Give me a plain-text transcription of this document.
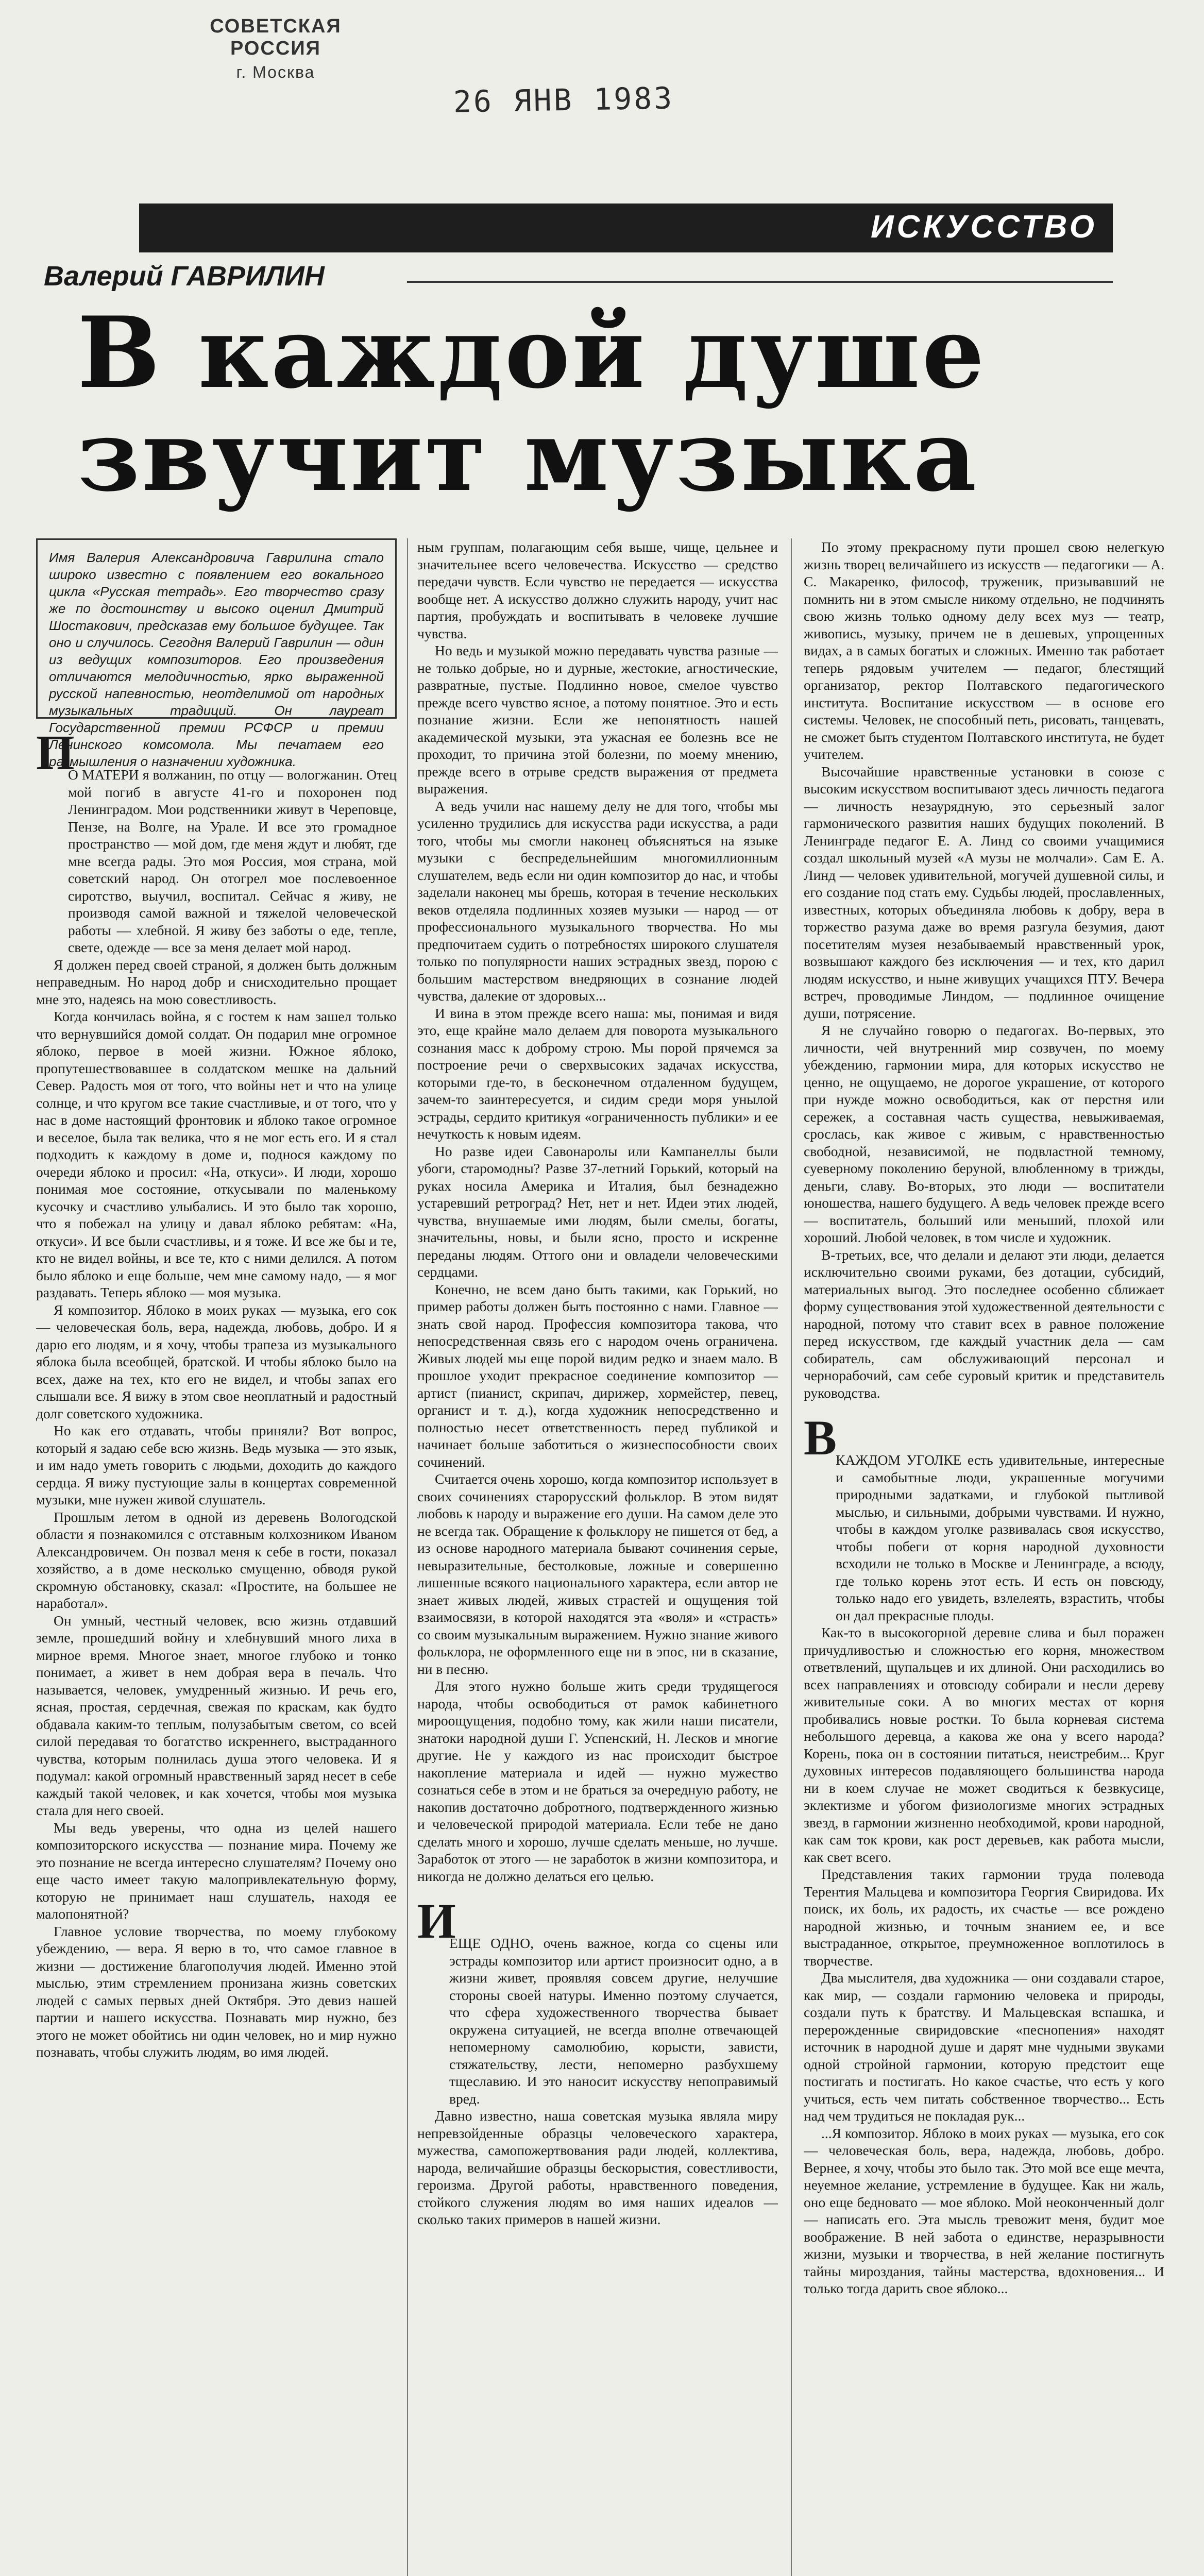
СОВЕТСКАЯ РОССИЯ
г. Москва
26 ЯНВ 1983
ИСКУССТВО
Валерий ГАВРИЛИН
В каждой душе звучит музыка
Имя Валерия Александровича Гаврилина стало широко известно с появлением его вокального цикла «Русская тетрадь». Его творчество сразу же по достоинству и высоко оценил Дмитрий Шостакович, предсказав ему большое будущее. Так оно и случилось. Сегодня Валерий Гаврилин — один из ведущих композиторов. Его произведения отличаются мелодичностью, ярко выраженной русской напевностью, неотделимой от народных музыкальных традиций. Он лауреат Государственной премии РСФСР и премии Ленинского комсомола. Мы печатаем его размышления о назначении художника.

П

О МАТЕРИ я волжанин, по отцу — вологжанин. Отец мой погиб в августе 41-го и похоронен под Ленинградом. Мои родственники живут в Череповце, Пензе, на Волге, на Урале. И все это громадное пространство — мой дом, где меня ждут и любят, где мне всегда рады. Это моя Россия, моя страна, мой советский народ. Он отогрел мое послевоенное сиротство, выучил, воспитал. Сейчас я живу, не производя самой важной и тяжелой человеческой работы — хлебной. Я живу без заботы о еде, тепле, свете, одежде — все за меня делает мой народ.

Я должен перед своей страной, я должен быть должным неправедным. Но народ добр и снисходительно прощает мне это, надеясь на мою совестливость.

Когда кончилась война, я с гостем к нам зашел только что вернувшийся домой солдат. Он подарил мне огромное яблоко, первое в моей жизни. Южное яблоко, пропутешествовавшее в солдатском мешке на дальний Север. Радость моя от того, что войны нет и что на улице солнце, и что кругом все такие счастливые, и от того, что у нас в доме настоящий фронтовик и яблоко такое огромное и веселое, была так велика, что я не мог есть его. И я стал подходить к каждому в доме и, поднося каждому по очереди яблоко и просил: «На, откуси». И люди, хорошо понимая мое состояние, откусывали по маленькому кусочку и счастливо улыбались. И это было так хорошо, что я побежал на улицу и давал яблоко ребятам: «На, откуси». И все были счастливы, и я тоже. И все же бы и те, кто не видел войны, и все те, кто с ними делился. А потом было яблоко и еще больше, чем мне самому надо, — я мог раздавать. Теперь яблоко — моя музыка.

Я композитор. Яблоко в моих руках — музыка, его сок — человеческая боль, вера, надежда, любовь, добро. И я дарю его людям, и я хочу, чтобы трапеза из музыкального яблока была всеобщей, братской. И чтобы яблоко было на всех, даже на тех, кто его не видел, и чтобы запах его слышали все. Я вижу в этом свое неоплатный и радостный долг советского художника.

Но как его отдавать, чтобы приняли? Вот вопрос, который я задаю себе всю жизнь. Ведь музыка — это язык, и им надо уметь говорить с людьми, доходить до каждого сердца. Я вижу пустующие залы в концертах современной музыки, мне нужен живой слушатель.

Прошлым летом в одной из деревень Вологодской области я познакомился с отставным колхозником Иваном Александровичем. Он позвал меня к себе в гости, показал хозяйство, а в доме несколько смущенно, обводя рукой скромную обстановку, сказал: «Простите, на большее не наработал».

Он умный, честный человек, всю жизнь отдавший земле, прошедший войну и хлебнувший много лиха в мирное время. Многое знает, многое глубоко и тонко понимает, а живет в нем добрая вера в печаль. Что называется, человек, умудренный жизнью. И речь его, ясная, простая, сердечная, свежая по краскам, как будто обдавала каким-то теплым, полузабытым светом, со всей силой передавая то богатство искреннего, выстраданного чувства, которым полнилась душа этого человека. И я подумал: какой огромный нравственный заряд несет в себе каждый такой человек, и как хочется, чтобы моя музыка стала для него своей.

Мы ведь уверены, что одна из целей нашего композиторского искусства — познание мира. Почему же это познание не всегда интересно слушателям? Почему оно еще часто имеет такую малопривлекательную форму, которую не принимает наш слушатель, находя ее малопонятной?

Главное условие творчества, по моему глубокому убеждению, — вера. Я верю в то, что самое главное в жизни — достижение благополучия людей. Именно этой мыслью, этим стремлением пронизана жизнь советских людей с самых первых дней Октября. Это девиз нашей партии и нашего искусства. Познавать мир нужно, без этого не может обойтись ни один человек, но и мир нужно познавать, чтобы служить людям, во имя людей.

ным группам, полагающим себя выше, чище, цельнее и значительнее всего человечества. Искусство — средство передачи чувств. Если чувство не передается — искусства вообще нет. А искусство должно служить народу, учит нас партия, пробуждать и воспитывать в человеке лучшие чувства.

Но ведь и музыкой можно передавать чувства разные — не только добрые, но и дурные, жестокие, агностические, развратные, пустые. Подлинно новое, смелое чувство прежде всего чувство ясное, а потому понятное. Это и есть познание жизни. Если же непонятность нашей академической музыки, эта ужасная ее болезнь все не проходит, то причина этой болезни, по моему мнению, прежде всего в отрыве средств выражения от предмета выражения.

А ведь учили нас нашему делу не для того, чтобы мы усиленно трудились для искусства ради искусства, а ради того, чтобы мы смогли наконец объясняться на языке музыки с беспредельнейшим многомиллионным слушателем, ведь если ни один композитор до нас, и чтобы заделали наконец мы брешь, которая в течение нескольких веков отделяла подлинных хозяев музыки — народ — от профессионального музыкального творчества. Но мы предпочитаем судить о потребностях широкого слушателя только по популярности наших эстрадных звезд, порою с большим мастерством внедряющих в сознание людей чувства, далекие от здоровых...

И вина в этом прежде всего наша: мы, понимая и видя это, еще крайне мало делаем для поворота музыкального сознания масс к доброму строю. Мы порой прячемся за построение речи о сверхвысоких задачах искусства, которыми где-то, в бесконечном отдаленном будущем, зачем-то заинтересуется, и сидим среди моря унылой эстрады, сердито критикуя «ограниченность публики» и ее нечуткость к новым идеям.

Но разве идеи Савонаролы или Кампанеллы были убоги, старомодны? Разве 37-летний Горький, который на руках носила Америка и Италия, был безнадежно устаревший ретроград? Нет, нет и нет. Идеи этих людей, чувства, внушаемые ими людям, были смелы, богаты, значительны, новы, и были ясно, просто и искренне переданы людям. Оттого они и овладели человеческими сердцами.

Конечно, не всем дано быть такими, как Горький, но пример работы должен быть постоянно с нами. Главное — знать свой народ. Профессия композитора такова, что непосредственная связь его с народом очень ограничена. Живых людей мы еще порой видим редко и знаем мало. В прошлое уходит прекрасное соединение композитор — артист (пианист, скрипач, дирижер, хормейстер, певец, органист и т. д.), когда художник непосредственно и полностью несет ответственность перед публикой и начинает больше заботиться о жизнеспособности своих сочинений.

Считается очень хорошо, когда композитор использует в своих сочинениях старорусский фольклор. В этом видят любовь к народу и выражение его души. На самом деле это не всегда так. Обращение к фольклору не пишется от бед, а из основе народного материала бывают сочинения серые, невыразительные, бестолковые, ложные и совершенно лишенные всякого национального характера, если автор не знает живых людей, живых страстей и ощущения той взаимосвязи, в которой находятся эта «воля» и «страсть» со своим музыкальным выражением. Нужно знание живого фольклора, не оформленного еще ни в эпос, ни в сказание, ни в песню.

Для этого нужно больше жить среди трудящегося народа, чтобы освободиться от рамок кабинетного мироощущения, подобно тому, как жили наши писатели, знатоки народной души Г. Успенский, Н. Лесков и многие другие. Не у каждого из нас происходит быстрое накопление материала и идей — нужно мужество сознаться себе в этом и не браться за очередную работу, не накопив достаточно добротного, подтвержденного жизнью и человеческой природой материала. Если тебе не дано сделать много и хорошо, лучше сделать меньше, но лучше. Заработок от этого — не заработок в жизни композитора, и никогда не должно делаться его целью.

И

ЕЩЕ ОДНО, очень важное, когда со сцены или эстрады композитор или артист произносит одно, а в жизни живет, проявляя совсем другие, нелучшие стороны своей натуры. Именно поэтому случается, что сфера художественного творчества бывает окружена ситуацией, не всегда вполне отвечающей непомерному самолюбию, корысти, зависти, стяжательству, лести, непомерно разбухшему тщеславию. И это наносит искусству непоправимый вред.

Давно известно, наша советская музыка являла миру непревзойденные образцы человеческого характера, мужества, самопожертвования ради людей, коллектива, народа, величайшие образцы бескорыстия, совестливости, героизма. Другой работы, нравственного поведения, стойкого служения людям во имя наших идеалов — сколько таких примеров в нашей жизни.

По этому прекрасному пути прошел свою нелегкую жизнь творец величайшего из искусств — педагогики — А. С. Макаренко, философ, труженик, призывавший не помнить ни в этом смысле никому отдельно, не подчинять свою жизнь только одному делу всех муз — театр, живопись, музыку, причем не в дешевых, упрощенных видах, а в самых богатых и сложных. Именно так работает теперь рядовым учителем — педагог, блестящий организатор, ректор Полтавского педагогического института. Воспитание искусством — в основе его системы. Человек, не способный петь, рисовать, танцевать, не сможет быть студентом Полтавского института, не будет учителем.

Высочайшие нравственные установки в союзе с высоким искусством воспитывают здесь личность педагога — личность незаурядную, это серьезный залог гармонического развития наших будущих поколений. В Ленинграде педагог Е. А. Линд со своими учащимися создал школьный музей «А музы не молчали». Сам Е. А. Линд — человек удивительной, могучей душевной силы, и его создание под стать ему. Судьбы людей, прославленных, известных, которых объединяла любовь к добру, вера в торжество разума даже во время разгула безумия, дают посетителям музея незабываемый нравственный урок, возвышают каждого без исключения — и тех, кто дарил людям искусство, и ныне живущих учащихся ПТУ. Вечера встреч, проводимые Линдом, — подлинное очищение души, потрясение.

Я не случайно говорю о педагогах. Во-первых, это личности, чей внутренний мир созвучен, по моему убеждению, гармонии мира, для которых искусство не ценно, не ощущаемо, не дорогое украшение, от которого при нужде можно освободиться, как от перстня или сережек, а составная часть существа, невыживаемая, срослась, как живое с живым, с нравственностью свободной, независимой, не подвластной темному, суеверному поколению беруной, влюбленному в трижды, деньги, славу. Во-вторых, это люди — воспитатели юношества, нашего будущего. А ведь человек прежде всего — воспитатель, больший или меньший, плохой или хороший. Любой человек, в том числе и художник.

В-третьих, все, что делали и делают эти люди, делается исключительно своими руками, без дотации, субсидий, материальных выгод. Это последнее особенно сближает форму существования этой художественной деятельности с народной, потому что ставит всех в равное положение перед искусством, где каждый участник дела — сам собиратель, сам обслуживающий персонал и чернорабочий, сам себе суровый критик и представитель руководства.

В

КАЖДОМ УГОЛКЕ есть удивительные, интересные и самобытные люди, украшенные могучими природными задатками, и глубокой пытливой мыслью, и сильными, добрыми чувствами. И нужно, чтобы в каждом уголке развивалась своя искусство, чтобы побеги от корня народной духовности всходили не только в Москве и Ленинграде, а всюду, где только корень этот есть. И есть он повсюду, только надо его увидеть, взлелеять, взрастить, чтобы он дал прекрасные плоды.

Как-то в высокогорной деревне слива и был поражен причудливостью и сложностью его корня, множеством ответвлений, щупальцев и их длиной. Они расходились во всех направлениях и отовсюду собирали и несли дереву живительные соки. А во многих местах от корня пробивались новые ростки. То была корневая система небольшого деревца, а какова же она у всего народа? Корень, пока он в состоянии питаться, неистребим... Круг духовных интересов подавляющего большинства народа ни в коем случае не может сводиться к безвкусице, эклектизме и убогом физиологизме многих эстрадных звезд, в гармонии жизненно необходимой, крови народной, как сам ток крови, как рост деревьев, как работа мысли, как свет всего.

Представления таких гармонии труда полевода Терентия Мальцева и композитора Георгия Свиридова. Их поиск, их боль, их радость, их счастье — все рождено народной жизнью, и точным знанием ее, и все выстраданное, открытое, преумноженное воплотилось в творчестве.

Два мыслителя, два художника — они создавали старое, как мир, — создали гармонию человека и природы, создали путь к братству. И Мальцевская вспашка, и перерожденные свиридовские «песнопения» находят источник в народной душе и дарят мне чудными звуками одной стройной гармонии, которую предстоит еще постигать и постигать. Но какое счастье, что есть у кого учиться, есть чем питать собственное творчество... Есть над чем трудиться не покладая рук...

...Я композитор. Яблоко в моих руках — музыка, его сок — человеческая боль, вера, надежда, любовь, добро. Вернее, я хочу, чтобы это было так. Это мой все еще мечта, неуемное желание, устремление в будущее. Как ни жаль, оно еще бедновато — мое яблоко. Мой неоконченный долг — написать его. Эта мысль тревожит меня, будит мое воображение. В ней забота о единстве, неразрывности жизни, музыки и творчества, в ней желание постигнуть тайны мироздания, тайны мастерства, вдохновения... И только тогда дарить свое яблоко...
